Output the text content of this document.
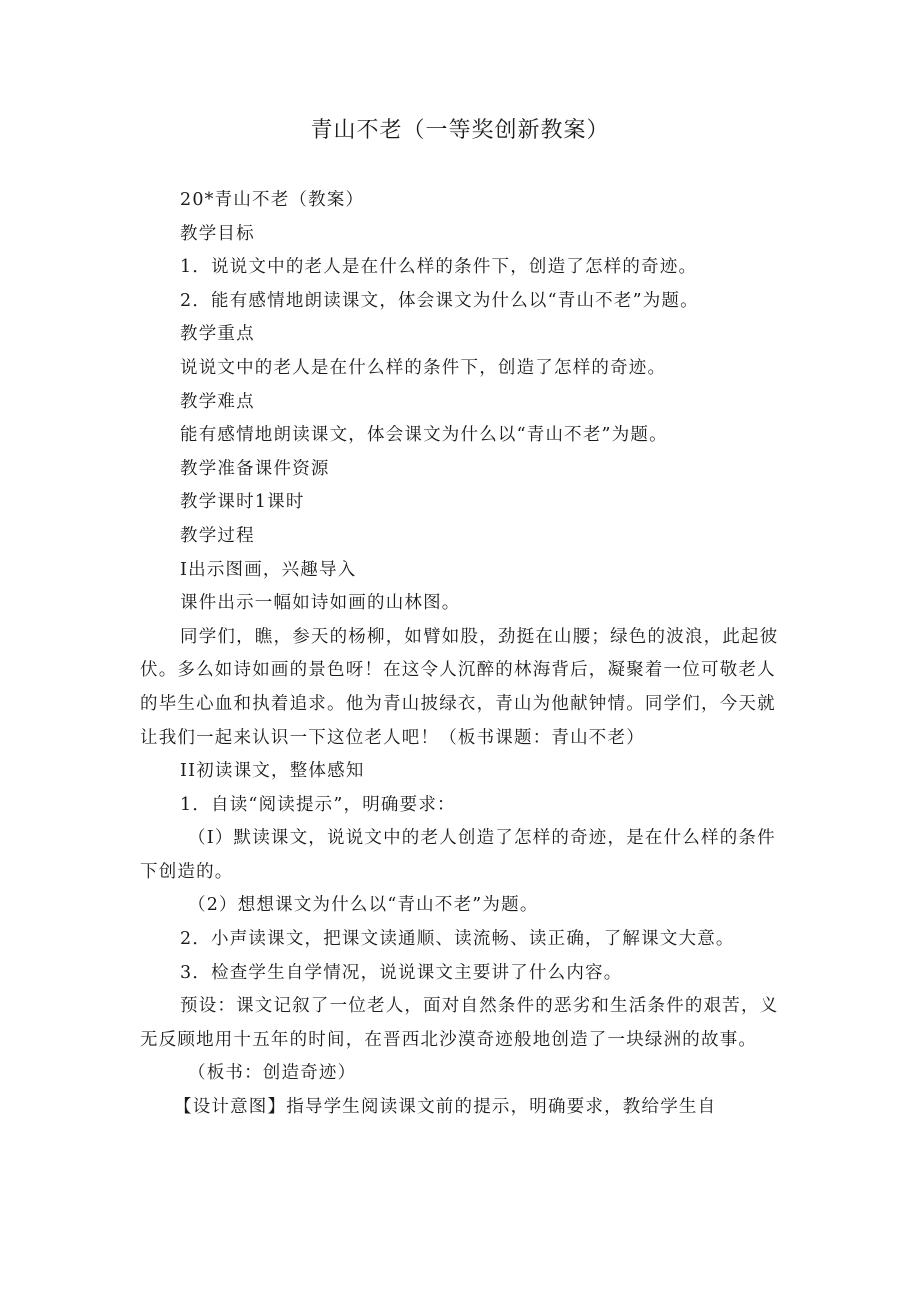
青山不老（一等奖创新教案）

20*青山不老（教案）

教学目标

1．说说文中的老人是在什么样的条件下，创造了怎样的奇迹。

2．能有感情地朗读课文，体会课文为什么以“青山不老”为题。

教学重点

说说文中的老人是在什么样的条件下，创造了怎样的奇迹。

教学难点

能有感情地朗读课文，体会课文为什么以“青山不老”为题。

教学准备课件资源

教学课时1课时

教学过程

Ⅰ出示图画，兴趣导入

课件出示一幅如诗如画的山林图。

同学们，瞧，参天的杨柳，如臂如股，劲挺在山腰；绿色的波浪，此起彼伏。多么如诗如画的景色呀！在这令人沉醉的林海背后，凝聚着一位可敬老人的毕生心血和执着追求。他为青山披绿衣，青山为他献钟情。同学们，今天就让我们一起来认识一下这位老人吧！（板书课题：青山不老）

II初读课文，整体感知

1．自读“阅读提示”，明确要求：

（I）默读课文，说说文中的老人创造了怎样的奇迹，是在什么样的条件下创造的。

（2）想想课文为什么以“青山不老”为题。

2．小声读课文，把课文读通顺、读流畅、读正确，了解课文大意。

3．检查学生自学情况，说说课文主要讲了什么内容。

预设：课文记叙了一位老人，面对自然条件的恶劣和生活条件的艰苦，义无反顾地用十五年的时间，在晋西北沙漠奇迹般地创造了一块绿洲的故事。

（板书：创造奇迹）

【设计意图】指导学生阅读课文前的提示，明确要求，教给学生自
